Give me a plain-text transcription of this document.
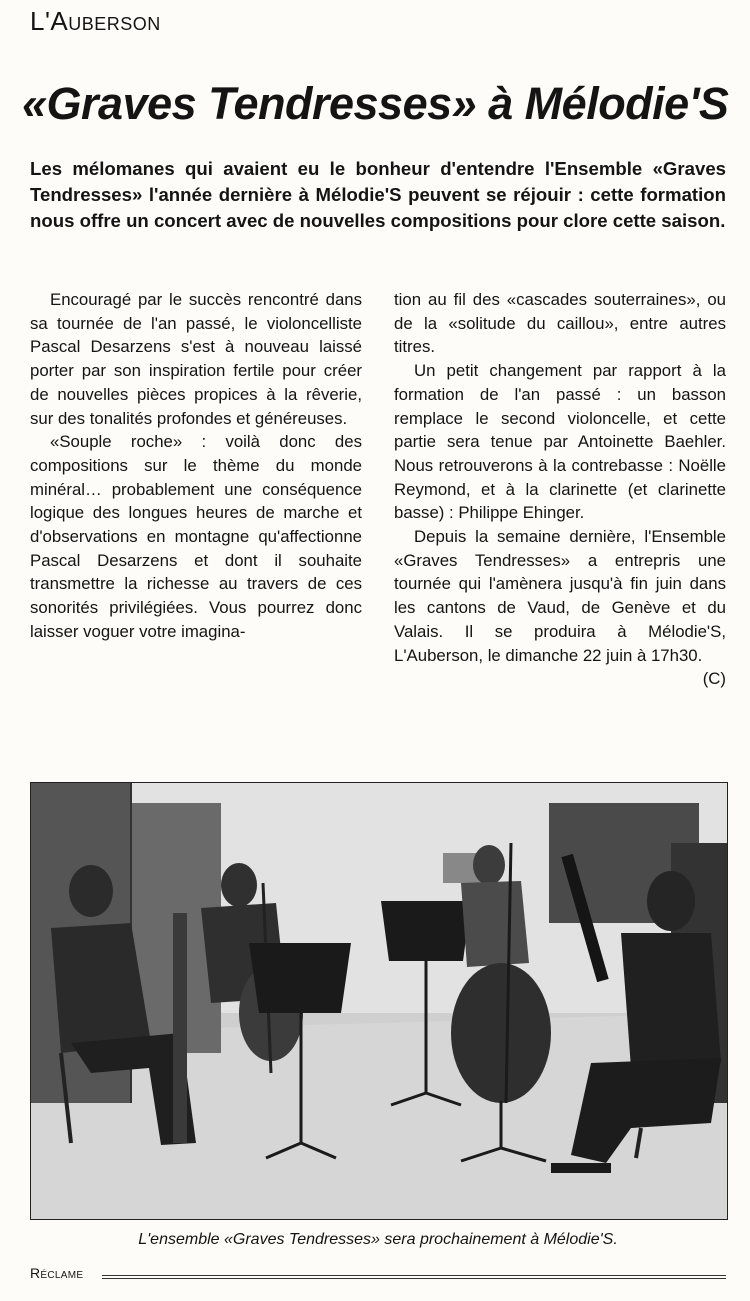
L'Auberson
«Graves Tendresses» à Mélodie'S
Les mélomanes qui avaient eu le bonheur d'entendre l'Ensemble «Graves Tendresses» l'année dernière à Mélodie'S peuvent se réjouir : cette formation nous offre un concert avec de nouvelles compositions pour clore cette saison.

Encouragé par le succès rencontré dans sa tournée de l'an passé, le violoncelliste Pascal Desarzens s'est à nouveau laissé porter par son inspiration fertile pour créer de nouvelles pièces propices à la rêverie, sur des tonalités profondes et généreuses.

«Souple roche» : voilà donc des compositions sur le thème du monde minéral… probablement une conséquence logique des longues heures de marche et d'observations en montagne qu'affectionne Pascal Desarzens et dont il souhaite transmettre la richesse au travers de ces sonorités privilégiées. Vous pourrez donc laisser voguer votre imagina-

tion au fil des «cascades souterraines», ou de la «solitude du caillou», entre autres titres.

Un petit changement par rapport à la formation de l'an passé : un basson remplace le second violoncelle, et cette partie sera tenue par Antoinette Baehler. Nous retrouverons à la contrebasse : Noëlle Reymond, et à la clarinette (et clarinette basse) : Philippe Ehinger.

Depuis la semaine dernière, l'Ensemble «Graves Tendresses» a entrepris une tournée qui l'amènera jusqu'à fin juin dans les cantons de Vaud, de Genève et du Valais. Il se produira à Mélodie'S, L'Auberson, le dimanche 22 juin à 17h30.
(C)

L'ensemble «Graves Tendresses» sera prochainement à Mélodie'S.
Réclame
